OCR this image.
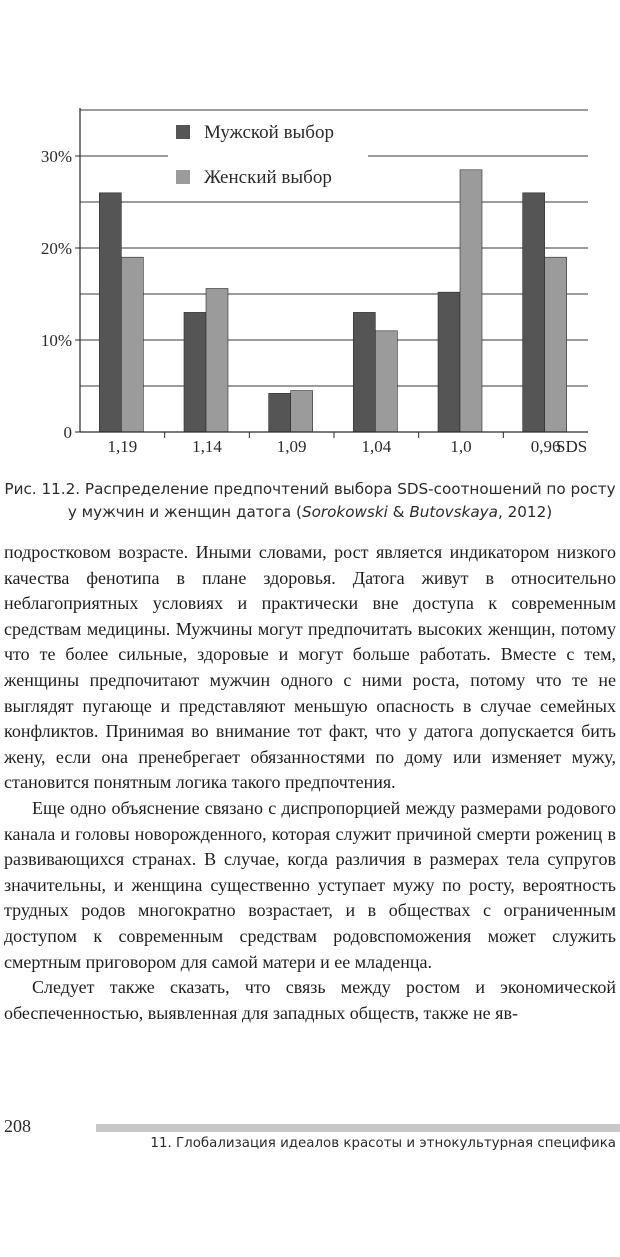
0
10%
20%
30%
1,19	1,14	1,09	1,04	1,0	0,96
SDS
Мужской выбор
Женский выбор
Рис. 11.2. Распределение предпочтений выбора SDS-соотношений по росту
у мужчин и женщин датога (Sorokowski & Butovskaya, 2012)

подростковом возрасте. Иными словами, рост является индикатором низкого качества фенотипа в плане здоровья. Датога живут в относительно неблагоприятных условиях и практически вне доступа к современным средствам медицины. Мужчины могут предпочитать высоких женщин, потому что те более сильные, здоровые и могут больше работать. Вместе с тем, женщины предпочитают мужчин одного с ними роста, потому что те не выглядят пугающе и представляют меньшую опасность в случае семейных конфликтов. Принимая во внимание тот факт, что у датога допускается бить жену, если она пренебрегает обязанностями по дому или изменяет мужу, становится понятным логика такого предпочтения.

Еще одно объяснение связано с диспропорцией между размерами родового канала и головы новорожденного, которая служит причиной смерти рожениц в развивающихся странах. В случае, когда различия в размерах тела супругов значительны, и женщина существенно уступает мужу по росту, вероятность трудных родов многократно возрастает, и в обществах с ограниченным доступом к современным средствам родовспоможения может служить смертным приговором для самой матери и ее младенца.

Следует также сказать, что связь между ростом и экономической обеспеченностью, выявленная для западных обществ, также не яв-

208
11. Глобализация идеалов красоты и этнокультурная специфика
